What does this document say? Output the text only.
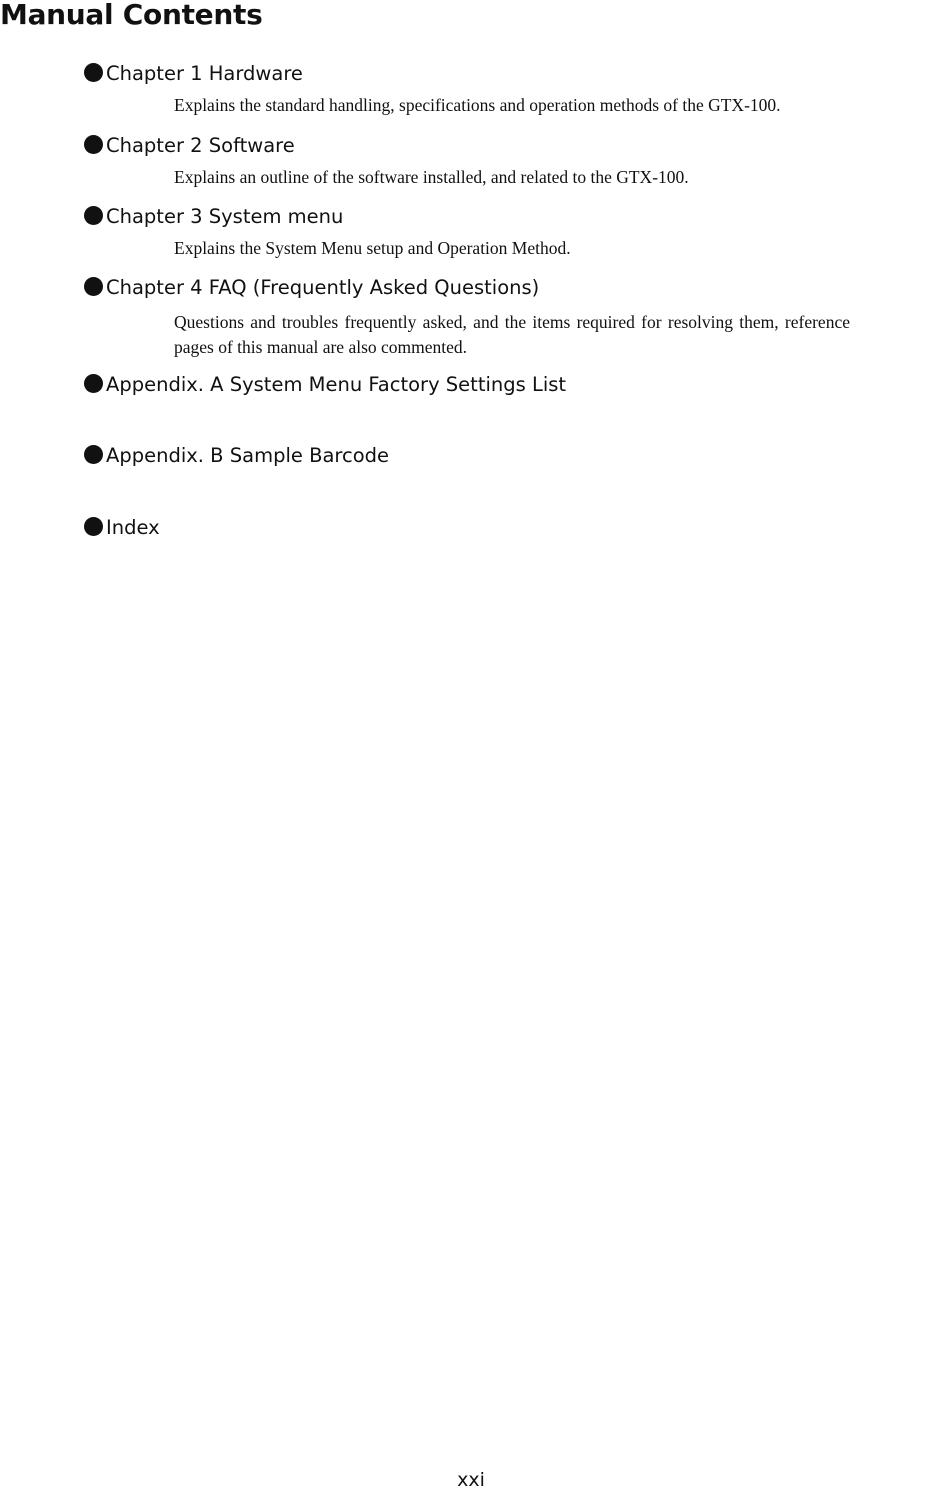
Manual Contents
Chapter 1 Hardware
Explains the standard handling, specifications and operation methods of the GTX-100.
Chapter 2 Software
Explains an outline of the software installed, and related to the GTX-100.
Chapter 3 System menu
Explains the System Menu setup and Operation Method.
Chapter 4 FAQ (Frequently Asked Questions)
Questions and troubles frequently asked, and the items required for resolving them, reference pages of this manual are also commented.
Appendix. A System Menu Factory Settings List
Appendix. B Sample Barcode
Index
xxi
